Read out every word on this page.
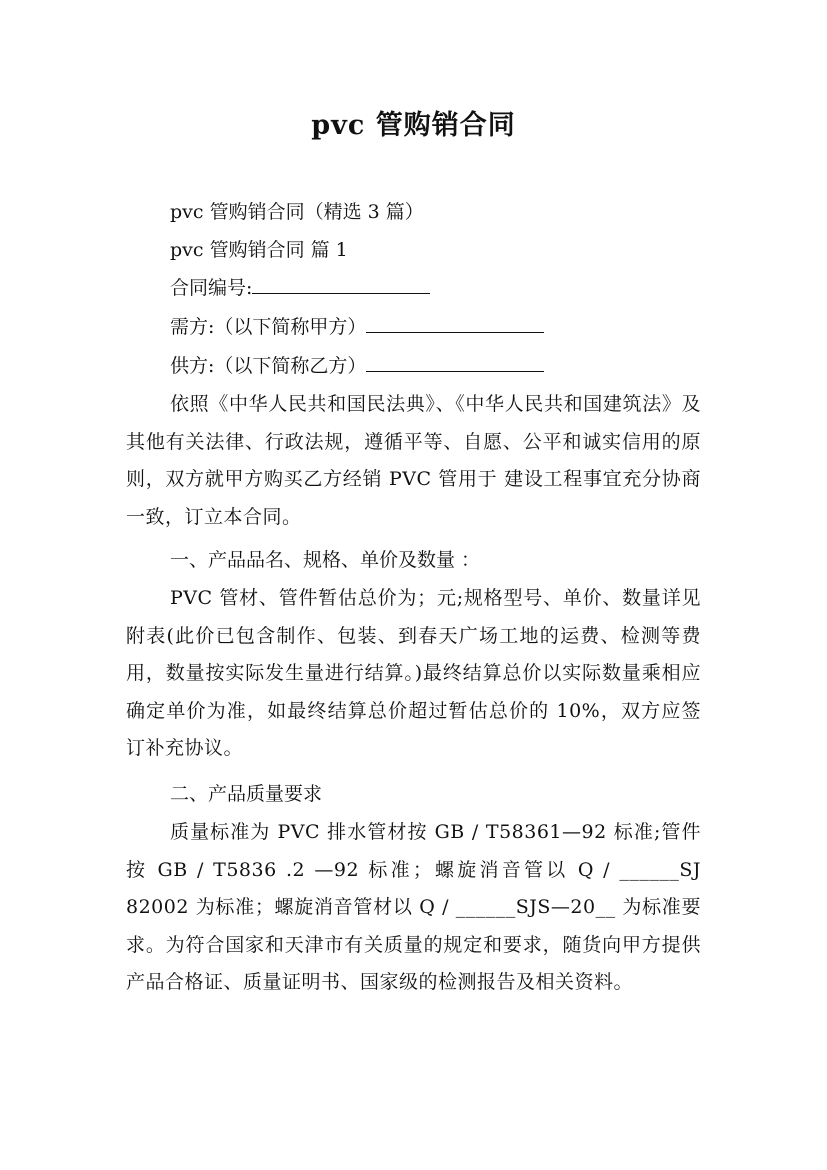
pvc 管购销合同
pvc 管购销合同（精选 3 篇）
pvc 管购销合同 篇 1
合同编号:
需方:（以下简称甲方）
供方:（以下简称乙方）
依照《中华人民共和国民法典》、《中华人民共和国建筑法》及其他有关法律、行政法规，遵循平等、自愿、公平和诚实信用的原则，双方就甲方购买乙方经销 PVC 管用于 建设工程事宜充分协商一致，订立本合同。
一、产品品名、规格、单价及数量 ：
PVC 管材、管件暂估总价为；元;规格型号、单价、数量详见附表(此价已包含制作、包装、到春天广场工地的运费、检测等费用，数量按实际发生量进行结算。)最终结算总价以实际数量乘相应确定单价为准，如最终结算总价超过暂估总价的 10%，双方应签订补充协议。
二、产品质量要求
质量标准为 PVC 排水管材按 GB / T58361—92 标准;管件按 GB / T5836 .2 —92 标准；螺旋消音管以 Q / ______SJ 82002 为标准；螺旋消音管材以 Q / ______SJS—20__ 为标准要求。为符合国家和天津市有关质量的规定和要求，随货向甲方提供产品合格证、质量证明书、国家级的检测报告及相关资料。
